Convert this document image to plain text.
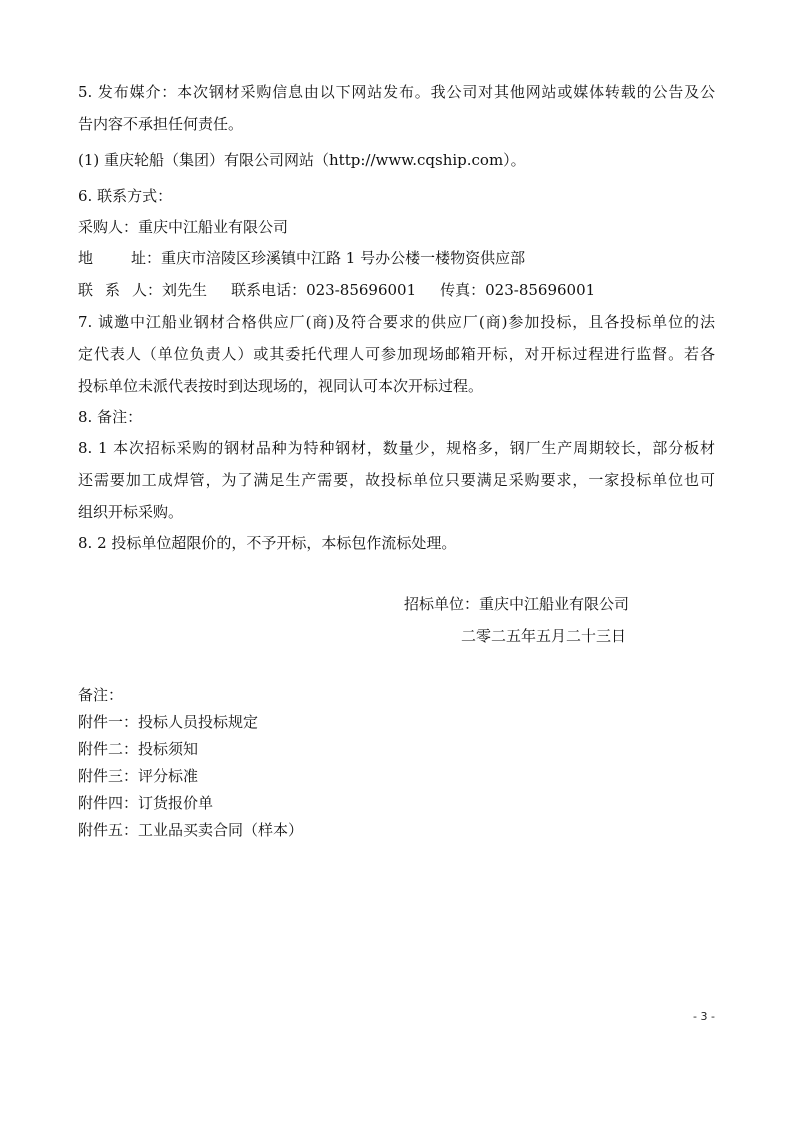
5. 发布媒介：本次钢材采购信息由以下网站发布。我公司对其他网站或媒体转载的公告及公
告内容不承担任何责任。
(1) 重庆轮船（集团）有限公司网站（http://www.cqship.com）。
6. 联系方式：
采购人：重庆中江船业有限公司
地	址：重庆市涪陵区珍溪镇中江路 1 号办公楼一楼物资供应部
联 系 人：刘先生 联系电话：023-85696001 传真：023-85696001
7. 诚邀中江船业钢材合格供应厂(商)及符合要求的供应厂(商)参加投标，且各投标单位的法
定代表人（单位负责人）或其委托代理人可参加现场邮箱开标，对开标过程进行监督。若各
投标单位未派代表按时到达现场的，视同认可本次开标过程。
8. 备注：
8. 1 本次招标采购的钢材品种为特种钢材，数量少，规格多，钢厂生产周期较长，部分板材
还需要加工成焊管，为了满足生产需要，故投标单位只要满足采购要求，一家投标单位也可
组织开标采购。
8. 2 投标单位超限价的，不予开标，本标包作流标处理。
招标单位：重庆中江船业有限公司
二零二五年五月二十三日
备注：
附件一：投标人员投标规定
附件二：投标须知
附件三：评分标准
附件四：订货报价单
附件五：工业品买卖合同（样本）
- 3 -
